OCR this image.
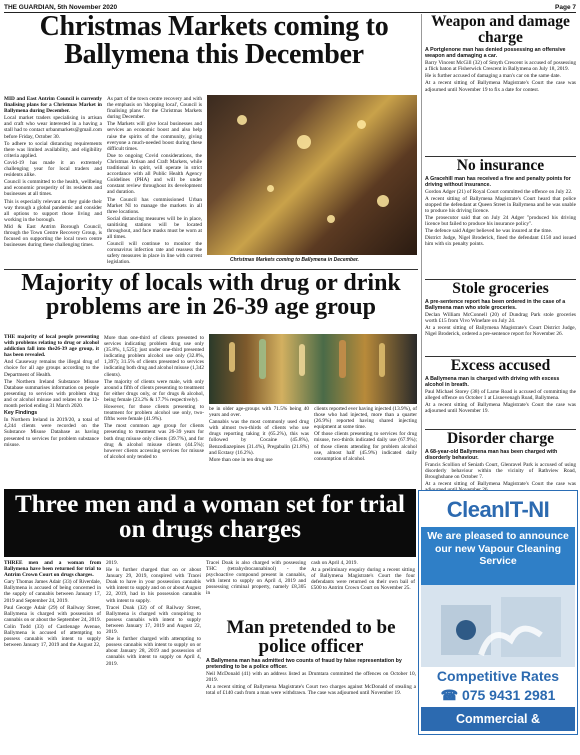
THE GUARDIAN, 5th November 2020	Page 7
Christmas Markets coming to Ballymena this December

MID and East Antrim Council is currently finalising plans for a Christmas Market in Ballymena during December.

Local market traders specialising in artisan and craft who wear interested in a having a stall had to contact urbanmarkets@gmail.com before Friday, October 30.

To adhere to social distancing requirements there was limited availability, and eligibility criteria applied.

Covid-19 has made it an extremely challenging year for local traders and residents alike.

Council is committed to the health, wellbeing and economic prosperity of its residents and businesses at all times.

This is especially relevant as they guide their way through a global pandemic and consider all options to support those living and working in the borough.

Mid & East Antrim Borough Council, through the Town Centre Recovery Group, is focused on supporting the local town centre businesses during these challenging times.

As part of the town centre recovery and with the emphasis on 'shopping local', Council is finalising plans for the Christmas Markets during December.

The Markets will give local businesses and services an economic boost and also help raise the spirits of the community, giving everyone a much-needed boost during these difficult times.

Due to ongoing Covid considerations, the Christmas Artisan and Craft Markets, while traditional in spirit, will operate in strict accordance with all Public Health Agency Guidelines (PHA) and will be under constant review throughout its development and duration.

The Council has commissioned Urban Market NI to manage the markets in all three locations.

Social distancing measures will be in place, sanitising stations will be located throughout, and face masks must be worn at all times.

Council will continue to monitor the coronavirus infection rate and reassess the safety measures in place in line with current legislation.	Christmas Markets coming to Ballymena in December.
Weapon and damage charge
A Portglenone man has denied possessing an offensive weapon and damaging a car.

Barry Vincent McGill (32) of Smyth Crescent is accused of possessing a flick baton at Fisherwick Crescent in Ballymena on July 18, 2019.

He is further accused of damaging a man's car on the same date.

At a recent sitting of Ballymena Magistrate's Court the case was adjourned until November 19 to fix a date for contest.

No insurance
A Gracehill man has received a fine and penalty points for driving without insurance.

Gordon Adger (21) of Royal Court committed the offence on July 22.

A recent sitting of Ballymena Magistrate's Court heard that police stopped the defendant at Queen Street in Ballymena and he was unable to produce his driving licence.

The prosecutor said that on July 24 Adger "produced his driving licence but failed to produce his insurance policy".

The defence said Adger believed he was insured at the time.

District Judge, Nigel Broderick, fined the defendant £150 and issued him with six penalty points.

Stole groceries
A pre-sentence report has been ordered in the case of a Ballymena man who stole groceries.

Declan William McConnell (20) of Dundrag Park stole groceries worth £15 from Vivo Winefare on July 24.

At a recent sitting of Ballymena Magistrate's Court District Judge, Nigel Broderick, ordered a pre-sentence report for November 26.

Excess accused
A Ballymena man is charged with driving with excess alcohol in breath.

Paul Michael Storey (38) of Larne Road is accused of committing the alleged offence on October 1 at Lisnevenagh Road, Ballymena.

At a recent sitting of Ballymena Magistrate's Court the case was adjourned until November 19.

Disorder charge
A 68-year-old Ballymena man has been charged with disorderly behaviour.

Francis Scollion of Seniath Court, Glenravel Park is accused of using disorderly behaviour within the vicinity of Rathview Road, Broughshane on October 7.

At a recent sitting of Ballymena Magistrate's Court the case was

Majority of locals with drug or drink problems are in 26-39 age group

THE majority of local people presenting with problems relating to drug or alcohol addiction fall into the26-39 age group, it has been revealed.

And Causeway remains the illegal drug of choice for all age groups according to the Department of Health.

The Northern Ireland Substance Misuse Database summarises information on people presenting to services with problem drug and or alcohol misuse and relates to the 12-month period ending 31 March 2020.

Key Findings

In Northern Ireland in 2019/20, a total of 4,244 clients were recorded on the Substance Misuse Database as having presented to services for problem substance misuse.

More than one-third of clients presented to services indicating problem drug use only (35.8%, 1,525); just under one-third presented indicating problem alcohol use only (32.8%, 1,397); 31.5% of clients presented to services indicating both drug and alcohol misuse (1,342 clients).

The majority of clients were male, with only around a fifth of clients presenting to treatment for either drugs only, or for drugs & alcohol, being female (23.2% & 17.7% respectively).

However, for those clients presenting to treatment for problem alcohol use only, two-fifths were female (41.9%).

The most common age group for clients presenting to treatment was 26-39 years for both drug misuse only clients (39.7%), and for drug & alcohol misuse clients (44.5%); however clients accessing services for misuse of alcohol only tended to

be in older age-groups with 71.5% being 40 years and over.

Cannabis was the most commonly used drug with almost two-thirds of clients who use drugs reporting taking it (65.2%), this was followed by Cocaine (45.8%), Benzodiazepines (31.4%), Pregabalin (21.8%) and Ecstasy (16.2%).

More than one in ten drug use

clients reported ever having injected (13.9%), of those who had injected, more than a quarter (26.9%) reported having shared injecting equipment at some time.

Of those clients presenting to services for drug misuse, two-thirds indicated daily use (67.9%); of those clients attending for problem alcohol use, almost half (45.9%) indicated daily consumption of alcohol.

Three men and a woman set for trial on drugs charges

THREE men and a woman from Ballymena have been returned for trial to Antrim Crown Court on drugs charges.

Gary Thomas James Adair (33) of Riverdale, Ballymena is accused of being concerned in the supply of cannabis between January 17, 2019 and September 24, 2019.

Paul George Adair (29) of Railway Street, Ballymena is charged with possession of cannabis on or about the September 24, 2019.

Colin Todd (33) of Castlenage Avenue, Ballymena is accused of attempting to possess cannabis with intent to supply between January 17, 2019 and the August 22,

2019.

He is further charged that on or about January 29, 2019, conspired with Tracei Doak to have in your possession cannabis with intent to supply and on or about August 22, 2019, had in his possession cannabis with intent to supply.

Tracei Doak (32) of of Railway Street, Ballymena is charged with conspiring to possess cannabis with intent to supply between January 17, 2019 and August 22, 2019.

She is further charged with attempting to possess cannabis with intent to supply on or about January 28, 2019 and possession of cannabis with intent to supply on April 4, 2019.

Tracei Doak is also charged with possessing THC (tetrahydrocannabinol) - the psychoactive compound present in cannabis, with intent to supply on April 4, 2019 and possessing criminal property, namely £8,305 in

cash on April 4, 2019.

At a preliminary enquiry during a recent sitting of Ballymena Magistrate's Court the four defendants were returned on their own bail of £500 to Antrim Crown Court on November 25.

Man pretended to be police officer
A Ballymena man has admitted two counts of fraud by false representation by pretending to be a police officer.

Neil McDonald (41) with an address listed as Drumtara committed the offences on October 10, 2019.

At a recent sitting of Ballymena Magistrate's Court two charges against McDonald of stealing a total of £140 cash from a man were withdrawn. The case was adjourned until November 19.

CleanIT-NI
We are pleased to announce our new Vapour Cleaning Service
Competitive Rates
☎ 075 9431 2981
Commercial & Residential
